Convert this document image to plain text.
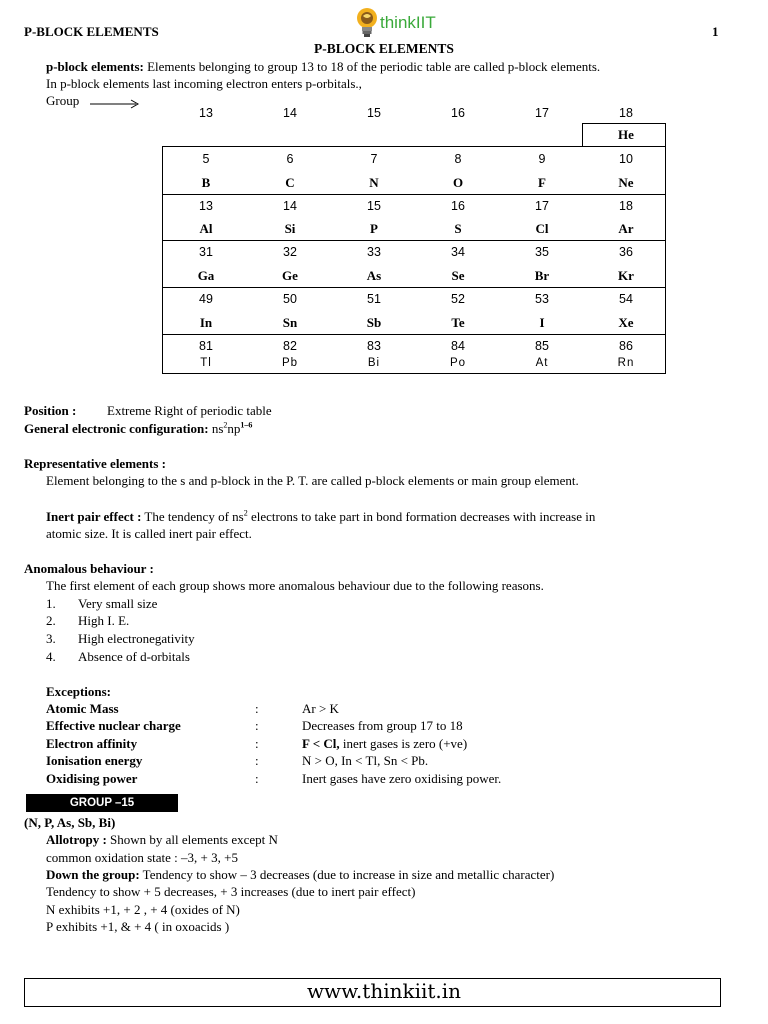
P-BLOCK ELEMENTS	1
thinkIIT
P-BLOCK ELEMENTS
p-block elements: Elements belonging to group 13 to 18 of the periodic table are called p-block elements.
In p-block elements last incoming electron enters p-orbitals.,
Group
13	14	15	16	17	18
He
5	6	7	8	9	10
B	C	N	O	F	Ne
13	14	15	16	17	18
Al	Si	P	S	Cl	Ar
31	32	33	34	35	36
Ga	Ge	As	Se	Br	Kr
49	50	51	52	53	54
In	Sn	Sb	Te	I	Xe
81	82	83	84	85	86
Tl	Pb	Bi	Po	At	Rn
Position : Extreme Right of periodic table
General electronic configuration: $ns^2np^{1-6}$
Representative elements :
Element belonging to the s and p-block in the P. T. are called p-block elements or main group element.
Inert pair effect : The tendency of $ns^2$ electrons to take part in bond formation decreases with increase in
atomic size. It is called inert pair effect.
Anomalous behaviour :
The first element of each group shows more anomalous behaviour due to the following reasons.
1. Very small size
2. High I. E.
3. High electronegativity
4. Absence of d-orbitals
Exceptions:
Atomic Mass	:	Ar > K
Effective nuclear charge	:	Decreases from group 17 to 18
Electron affinity	:	F < Cl, inert gases is zero (+ve)
Ionisation energy	:	N > O, In < Tl, Sn < Pb.
Oxidising power	:	Inert gases have zero oxidising power.
GROUP –15
(N, P, As, Sb, Bi)
Allotropy : Shown by all elements except N
common oxidation state : –3, + 3, +5
Down the group: Tendency to show – 3 decreases (due to increase in size and metallic character)
Tendency to show + 5 decreases, + 3 increases (due to inert pair effect)
N exhibits +1, + 2 , + 4 (oxides of N)
P exhibits +1, & + 4 ( in oxoacids )
www.thinkiit.in
